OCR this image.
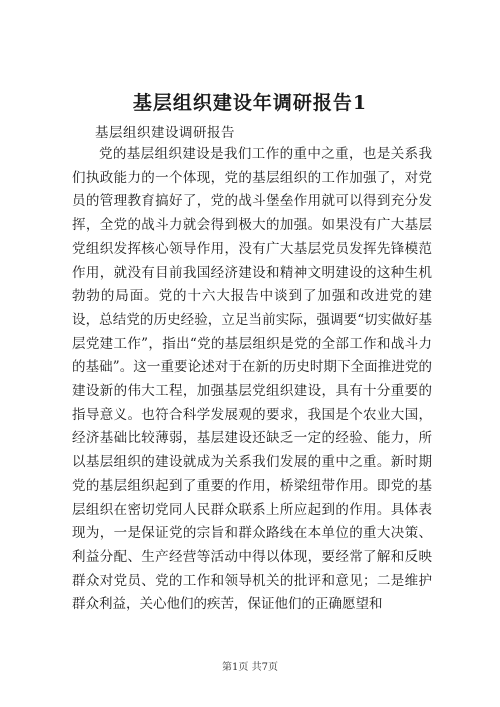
基层组织建设年调研报告1
基层组织建设调研报告

党的基层组织建设是我们工作的重中之重，也是关系我们执政能力的一个体现，党的基层组织的工作加强了，对党员的管理教育搞好了，党的战斗堡垒作用就可以得到充分发挥，全党的战斗力就会得到极大的加强。如果没有广大基层党组织发挥核心领导作用，没有广大基层党员发挥先锋模范作用，就没有目前我国经济建设和精神文明建设的这种生机勃勃的局面。党的十六大报告中谈到了加强和改进党的建设，总结党的历史经验，立足当前实际，强调要“切实做好基层党建工作”，指出“党的基层组织是党的全部工作和战斗力的基础”。这一重要论述对于在新的历史时期下全面推进党的建设新的伟大工程，加强基层党组织建设，具有十分重要的指导意义。也符合科学发展观的要求，我国是个农业大国，经济基础比较薄弱，基层建设还缺乏一定的经验、能力，所以基层组织的建设就成为关系我们发展的重中之重。新时期党的基层组织起到了重要的作用，桥梁纽带作用。即党的基层组织在密切党同人民群众联系上所应起到的作用。具体表现为，一是保证党的宗旨和群众路线在本单位的重大决策、利益分配、生产经营等活动中得以体现，要经常了解和反映群众对党员、党的工作和领导机关的批评和意见；二是维护群众利益，关心他们的疾苦，保证他们的正确愿望和

第1页 共7页
